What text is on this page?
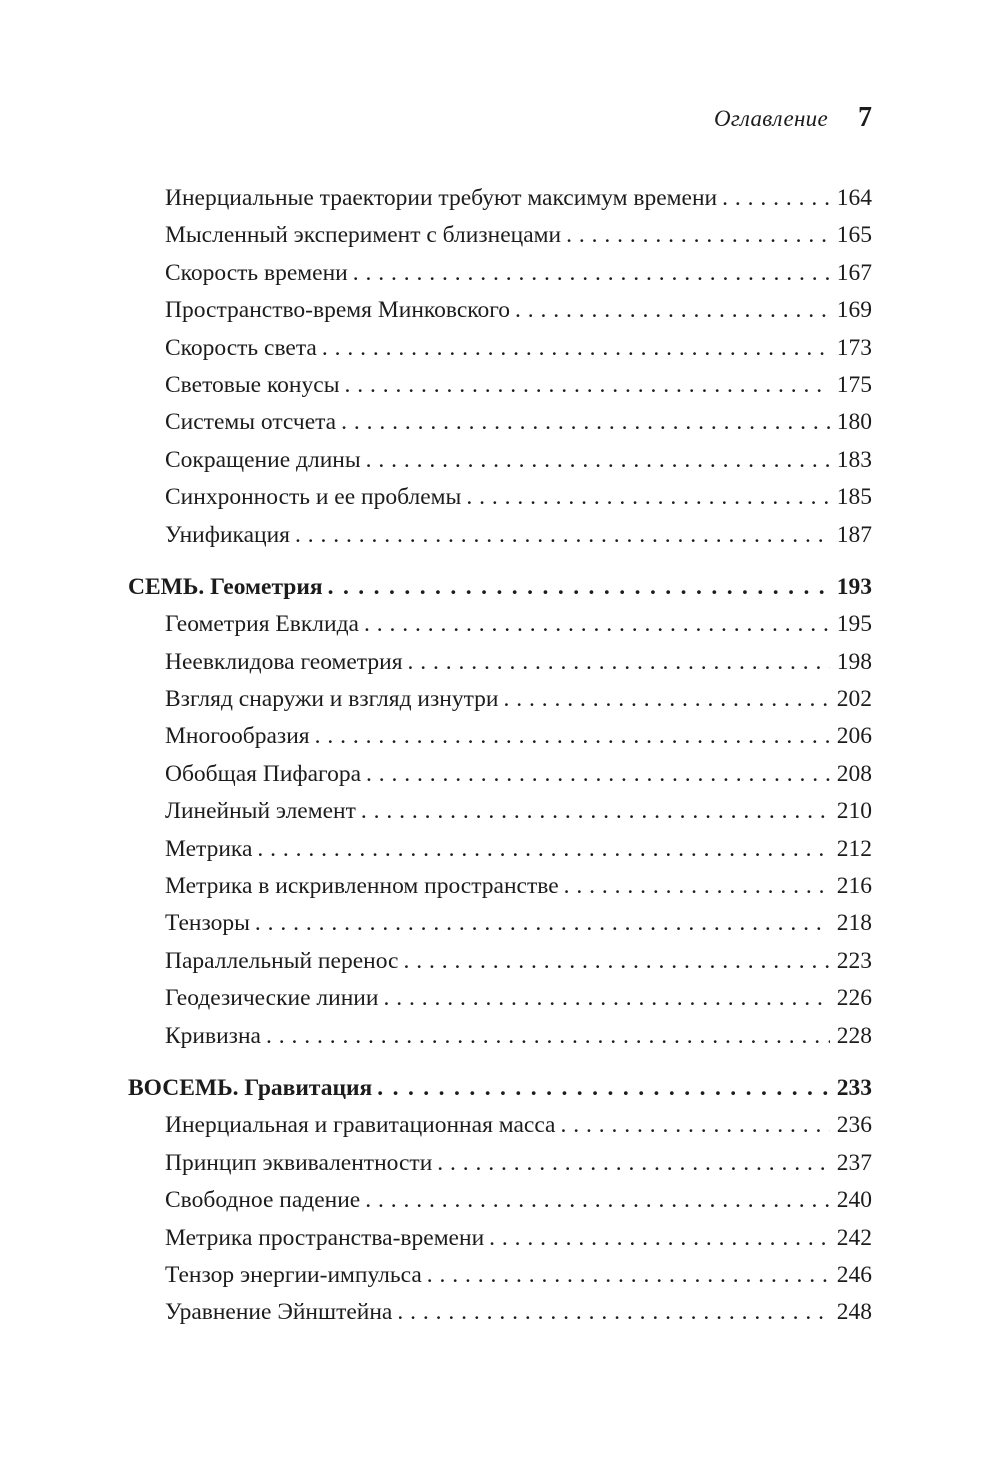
Оглавление 7
Инерциальные траектории требуют максимум времени . . .	164
Мысленный эксперимент с близнецами . . .	165
Скорость времени . . .	167
Пространство-время Минковского . . .	169
Скорость света . . .	173
Световые конусы . . .	175
Системы отсчета . . .	180
Сокращение длины . . .	183
Синхронность и ее проблемы . . .	185
Унификация . . .	187
СЕМЬ. Геометрия . . .	193
Геометрия Евклида . . .	195
Неевклидова геометрия . . .	198
Взгляд снаружи и взгляд изнутри . . .	202
Многообразия . . .	206
Обобщая Пифагора . . .	208
Линейный элемент . . .	210
Метрика . . .	212
Метрика в искривленном пространстве . . .	216
Тензоры . . .	218
Параллельный перенос . . .	223
Геодезические линии . . .	226
Кривизна . . .	228
ВОСЕМЬ. Гравитация . . .	233
Инерциальная и гравитационная масса . . .	236
Принцип эквивалентности . . .	237
Свободное падение . . .	240
Метрика пространства-времени . . .	242
Тензор энергии-импульса . . .	246
Уравнение Эйнштейна . . .	248
